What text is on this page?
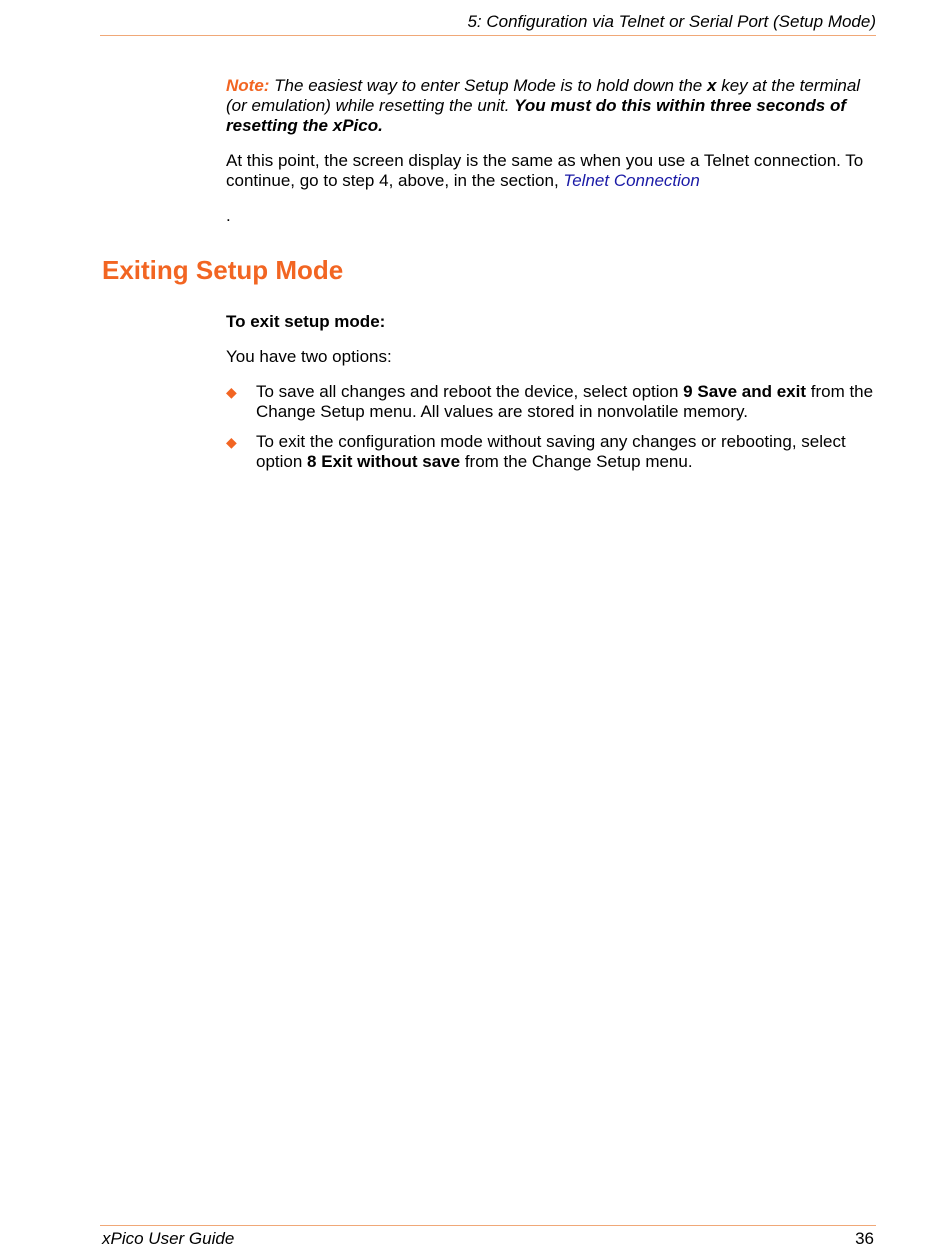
5: Configuration via Telnet or Serial Port (Setup Mode)

Note: The easiest way to enter Setup Mode is to hold down the x key at the terminal (or emulation) while resetting the unit. You must do this within three seconds of resetting the xPico.

At this point, the screen display is the same as when you use a Telnet connection. To continue, go to step 4, above, in the section, Telnet Connection

.

Exiting Setup Mode

To exit setup mode:

You have two options:

◆ To save all changes and reboot the device, select option 9 Save and exit from the Change Setup menu. All values are stored in nonvolatile memory.
◆ To exit the configuration mode without saving any changes or rebooting, select option 8 Exit without save from the Change Setup menu.
xPico User Guide	36
